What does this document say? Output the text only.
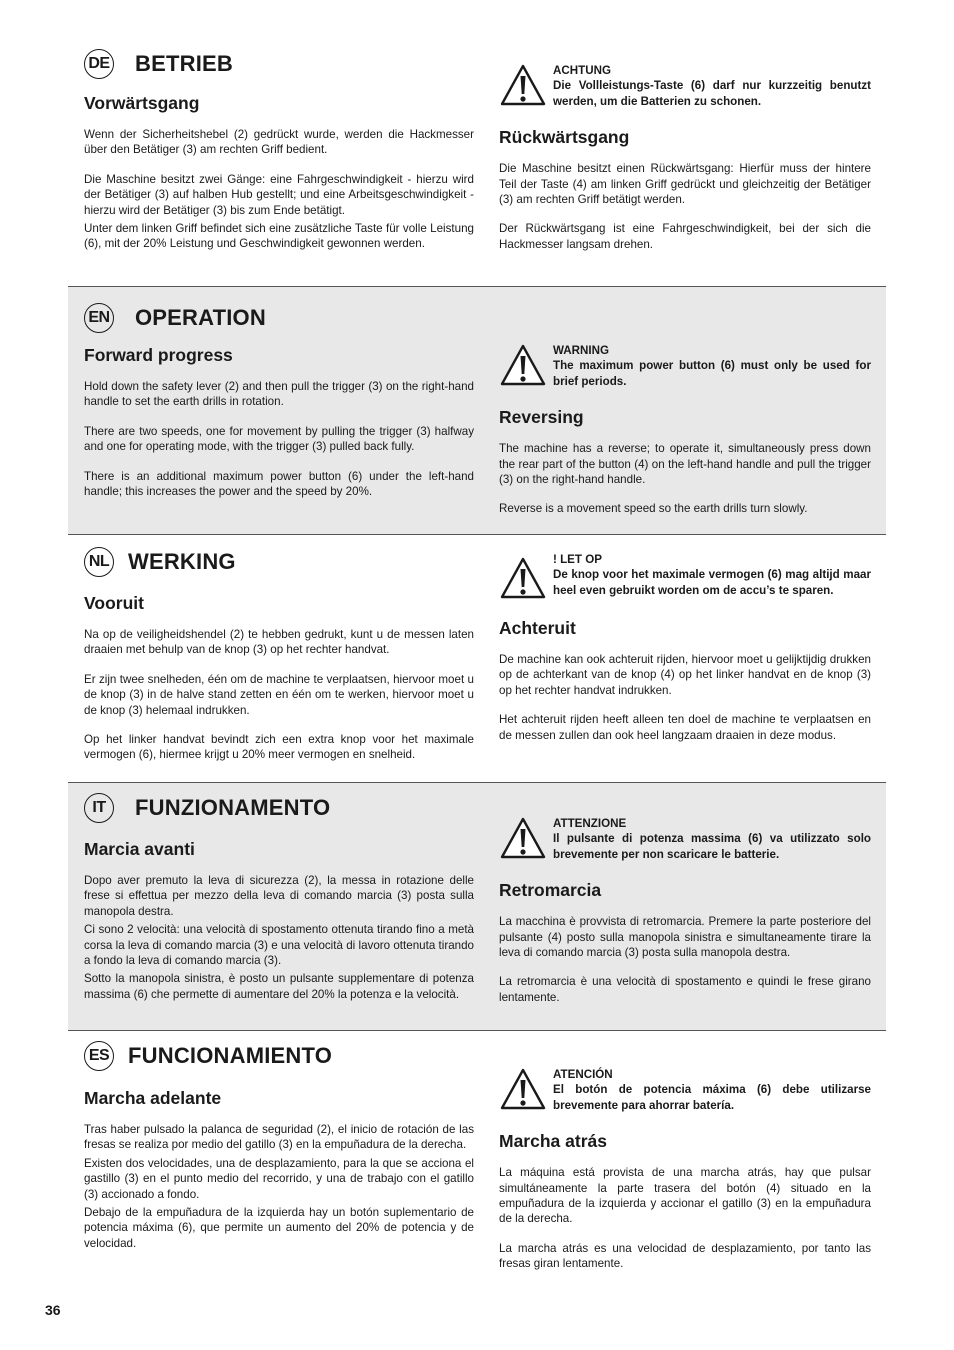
DE BETRIEB
Vorwärtsgang

Wenn der Sicherheitshebel (2) gedrückt wurde, werden die Hackmesser über den Betätiger (3) am rechten Griff bedient.

Die Maschine besitzt zwei Gänge: eine Fahrgeschwindigkeit - hierzu wird der Betätiger (3) auf halben Hub gestellt; und eine Arbeitsgeschwindigkeit - hierzu wird der Betätiger (3) bis zum Ende betätigt.

Unter dem linken Griff befindet sich eine zusätzliche Taste für volle Leistung (6), mit der 20% Leistung und Geschwindigkeit gewonnen werden.

ACHTUNG
Die Vollleistungs-Taste (6) darf nur kurzzeitig benutzt werden, um die Batterien zu schonen.
Rückwärtsgang

Die Maschine besitzt einen Rückwärtsgang: Hierfür muss der hintere Teil der Taste (4) am linken Griff gedrückt und gleichzeitig der Betätiger (3) am rechten Griff betätigt werden.

Der Rückwärtsgang ist eine Fahrgeschwindigkeit, bei der sich die Hackmesser langsam drehen.

EN OPERATION
Forward progress

Hold down the safety lever (2) and then pull the trigger (3) on the right-hand handle to set the earth drills in rotation.

There are two speeds, one for movement by pulling the trigger (3) halfway and one for operating mode, with the trigger (3) pulled back fully.

There is an additional maximum power button (6) under the left-hand handle; this increases the power and the speed by 20%.

WARNING
The maximum power button (6) must only be used for brief periods.
Reversing

The machine has a reverse; to operate it, simultaneously press down the rear part of the button (4) on the left-hand handle and pull the trigger (3) on the right-hand handle.

Reverse is a movement speed so the earth drills turn slowly.

NL WERKING
Vooruit

Na op de veiligheidshendel (2) te hebben gedrukt, kunt u de messen laten draaien met behulp van de knop (3) op het rechter handvat.

Er zijn twee snelheden, één om de machine te verplaatsen, hiervoor moet u de knop (3) in de halve stand zetten en één om te werken, hiervoor moet u de knop (3) helemaal indrukken.

Op het linker handvat bevindt zich een extra knop voor het maximale vermogen (6), hiermee krijgt u 20% meer vermogen en snelheid.

! LET OP
De knop voor het maximale vermogen (6) mag altijd maar heel even gebruikt worden om de accu’s te sparen.
Achteruit

De machine kan ook achteruit rijden, hiervoor moet u gelijktijdig drukken op de achterkant van de knop (4) op het linker handvat en de knop (3) op het rechter handvat indrukken.

Het achteruit rijden heeft alleen ten doel de machine te verplaatsen en de messen zullen dan ook heel langzaam draaien in deze modus.

IT	FUNZIONAMENTO
Marcia avanti

Dopo aver premuto la leva di sicurezza (2), la messa in rotazione delle frese si effettua per mezzo della leva di comando marcia (3) posta sulla manopola destra.

Ci sono 2 velocità: una velocità di spostamento ottenuta tirando fino a metà corsa la leva di comando marcia (3) e una velocità di lavoro ottenuta tirando a fondo la leva di comando marcia (3).

Sotto la manopola sinistra, è posto un pulsante supplementare di potenza massima (6) che permette di aumentare del 20% la potenza e la velocità.

ATTENZIONE
Il pulsante di potenza massima (6) va utilizzato solo brevemente per non scaricare le batterie.
Retromarcia

La macchina è provvista di retromarcia. Premere la parte posteriore del pulsante (4) posto sulla manopola sinistra e simultaneamente tirare la leva di comando marcia (3) posta sulla manopola destra.

La retromarcia è una velocità di spostamento e quindi le frese girano lentamente.

ES FUNCIONAMIENTO
Marcha adelante

Tras haber pulsado la palanca de seguridad (2), el inicio de rotación de las fresas se realiza por medio del gatillo (3) en la empuñadura de la derecha.

Existen dos velocidades, una de desplazamiento, para la que se acciona el gastillo (3) en el punto medio del recorrido, y una de trabajo con el gatillo (3) accionado a fondo.

Debajo de la empuñadura de la izquierda hay un botón suplementario de potencia máxima (6), que permite un aumento del 20% de potencia y de velocidad.

ATENCIÓN
El botón de potencia máxima (6) debe utilizarse brevemente para ahorrar batería.
Marcha atrás

La máquina está provista de una marcha atrás, hay que pulsar simultáneamente la parte trasera del botón (4) situado en la empuñadura de la izquierda y accionar el gatillo (3) en la empuñadura de la derecha.

La marcha atrás es una velocidad de desplazamiento, por tanto las fresas giran lentamente.

36
